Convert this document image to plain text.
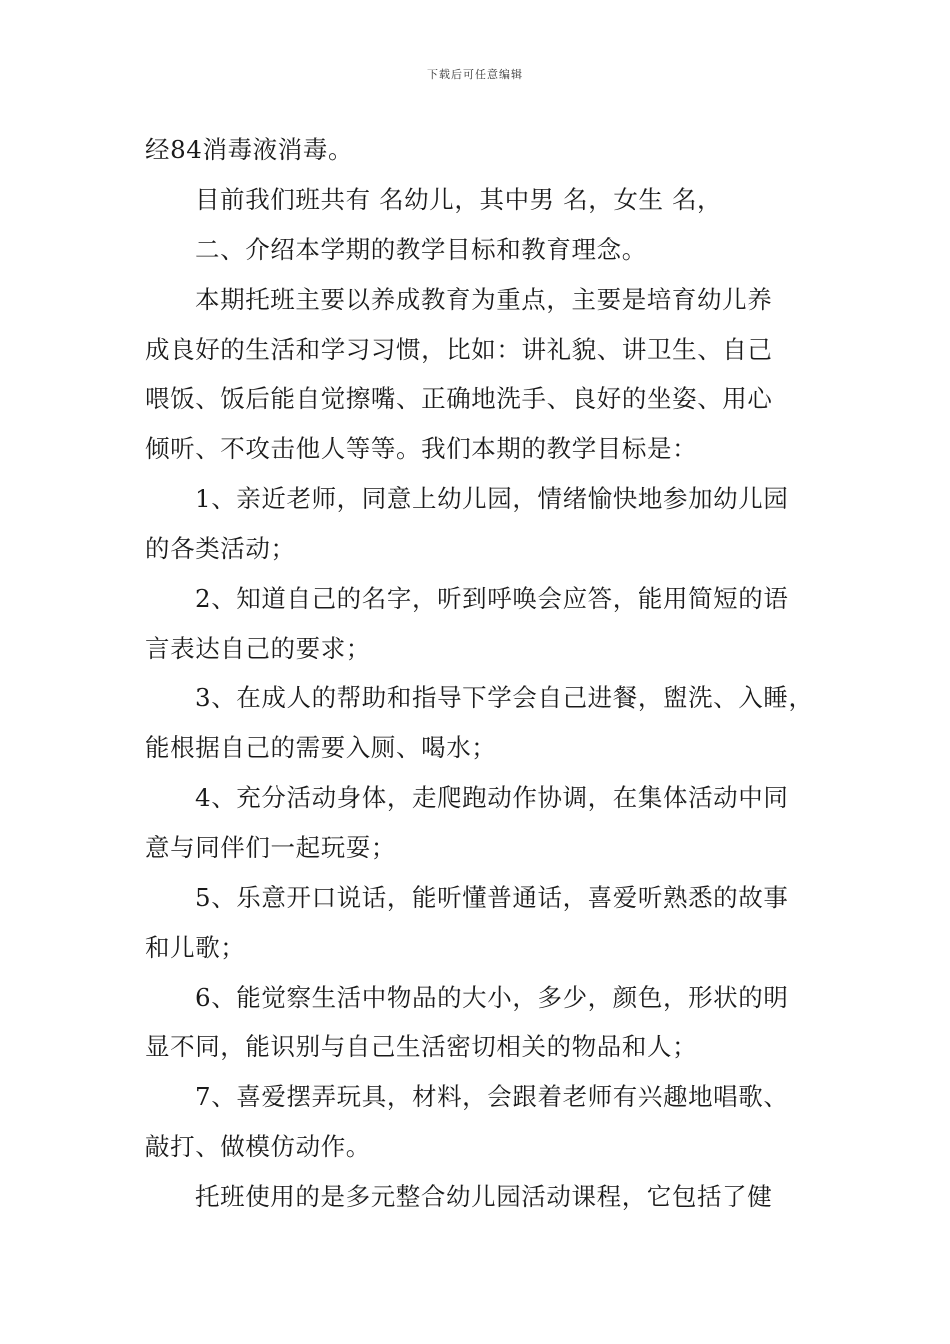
下载后可任意编辑
经84消毒液消毒。
目前我们班共有 名幼儿，其中男 名，女生 名，
二、介绍本学期的教学目标和教育理念。
本期托班主要以养成教育为重点，主要是培育幼儿养
成良好的生活和学习习惯，比如：讲礼貌、讲卫生、自己
喂饭、饭后能自觉擦嘴、正确地洗手、良好的坐姿、用心
倾听、不攻击他人等等。我们本期的教学目标是：
1、亲近老师，同意上幼儿园，情绪愉快地参加幼儿园
的各类活动；
2、知道自己的名字，听到呼唤会应答，能用简短的语
言表达自己的要求；
3、在成人的帮助和指导下学会自己进餐，盥洗、入睡，
能根据自己的需要入厕、喝水；
4、充分活动身体，走爬跑动作协调，在集体活动中同
意与同伴们一起玩耍；
5、乐意开口说话，能听懂普通话，喜爱听熟悉的故事
和儿歌；
6、能觉察生活中物品的大小，多少，颜色，形状的明
显不同，能识别与自己生活密切相关的物品和人；
7、喜爱摆弄玩具，材料，会跟着老师有兴趣地唱歌、
敲打、做模仿动作。
托班使用的是多元整合幼儿园活动课程，它包括了健
